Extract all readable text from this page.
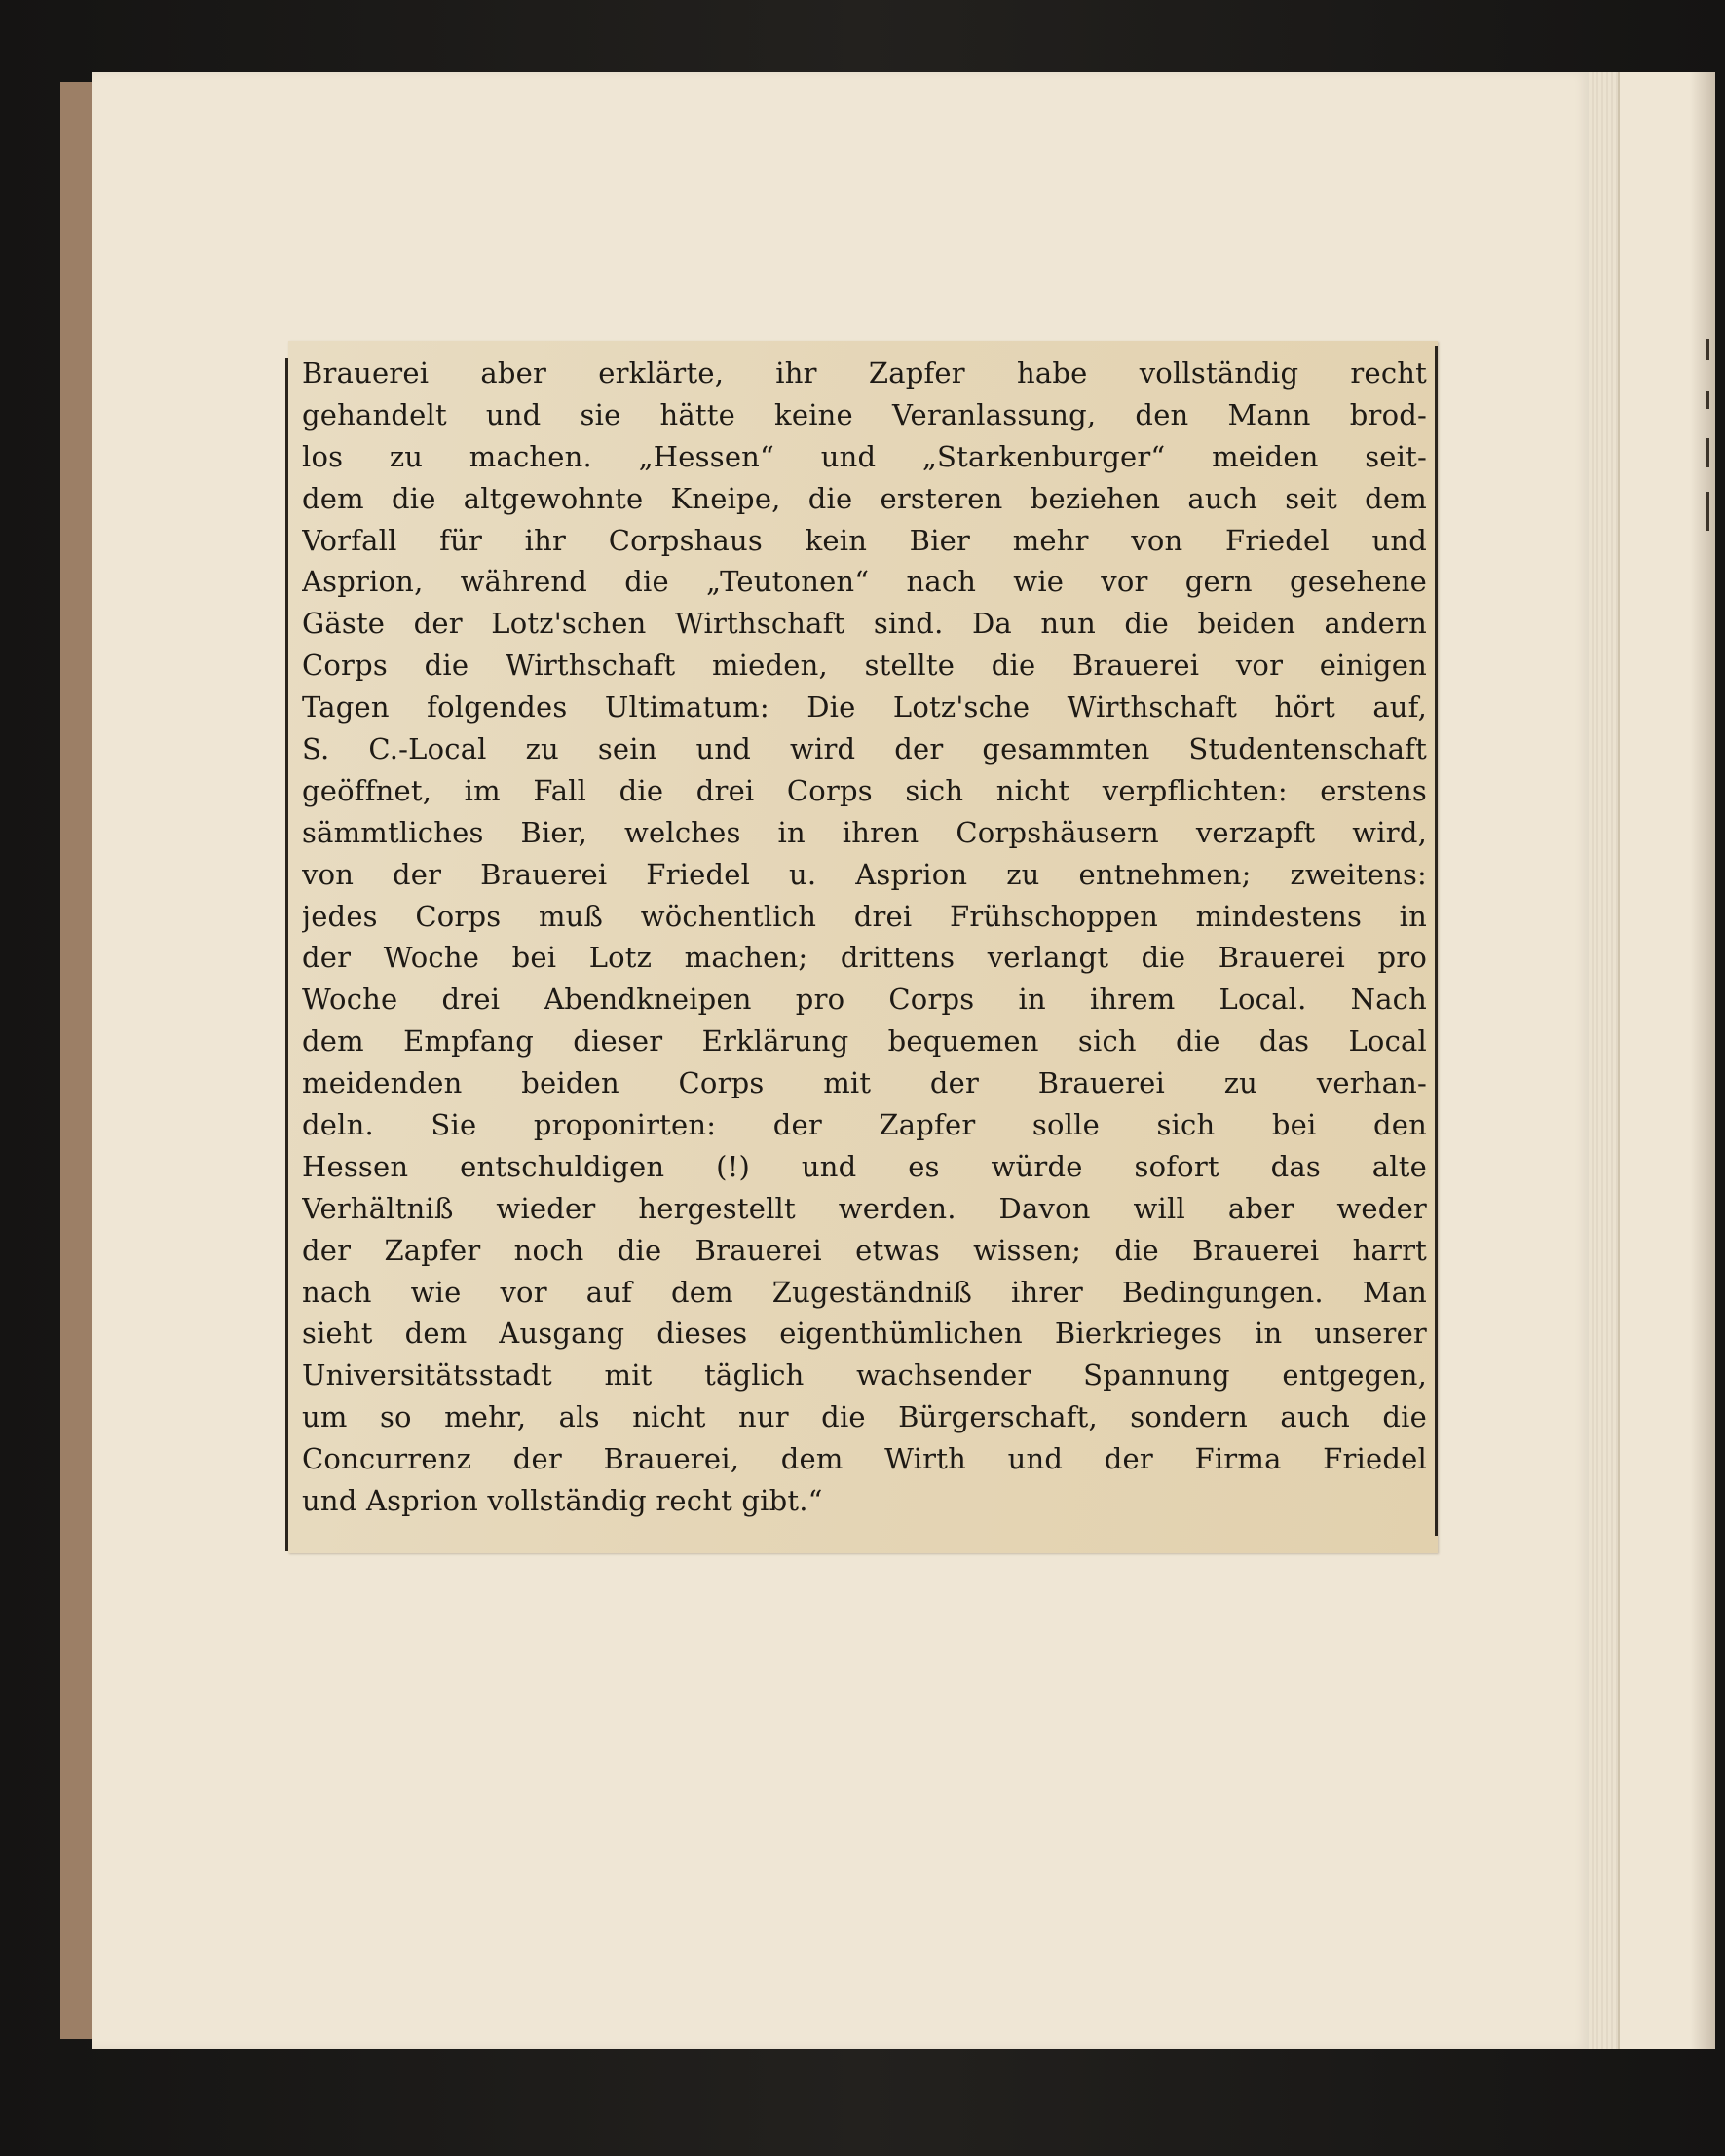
Brauerei aber erklärte, ihr Zapfer habe vollständig recht
gehandelt und sie hätte keine Veranlassung, den Mann brod-
los zu machen. „Hessen“ und „Starkenburger“ meiden seit-
dem die altgewohnte Kneipe, die ersteren beziehen auch seit dem
Vorfall für ihr Corpshaus kein Bier mehr von Friedel und
Asprion, während die „Teutonen“ nach wie vor gern gesehene
Gäste der Lotz'schen Wirthschaft sind. Da nun die beiden andern
Corps die Wirthschaft mieden, stellte die Brauerei vor einigen
Tagen folgendes Ultimatum: Die Lotz'sche Wirthschaft hört auf,
S. C.-Local zu sein und wird der gesammten Studentenschaft
geöffnet, im Fall die drei Corps sich nicht verpflichten: erstens
sämmtliches Bier, welches in ihren Corpshäusern verzapft wird,
von der Brauerei Friedel u. Asprion zu entnehmen; zweitens:
jedes Corps muß wöchentlich drei Frühschoppen mindestens in
der Woche bei Lotz machen; drittens verlangt die Brauerei pro
Woche drei Abendkneipen pro Corps in ihrem Local. Nach
dem Empfang dieser Erklärung bequemen sich die das Local
meidenden beiden Corps mit der Brauerei zu verhan-
deln. Sie proponirten: der Zapfer solle sich bei den
Hessen entschuldigen (!) und es würde sofort das alte
Verhältniß wieder hergestellt werden. Davon will aber weder
der Zapfer noch die Brauerei etwas wissen; die Brauerei harrt
nach wie vor auf dem Zugeständniß ihrer Bedingungen. Man
sieht dem Ausgang dieses eigenthümlichen Bierkrieges in unserer
Universitätsstadt mit täglich wachsender Spannung entgegen,
um so mehr, als nicht nur die Bürgerschaft, sondern auch die
Concurrenz der Brauerei, dem Wirth und der Firma Friedel
und Asprion vollständig recht gibt.“
